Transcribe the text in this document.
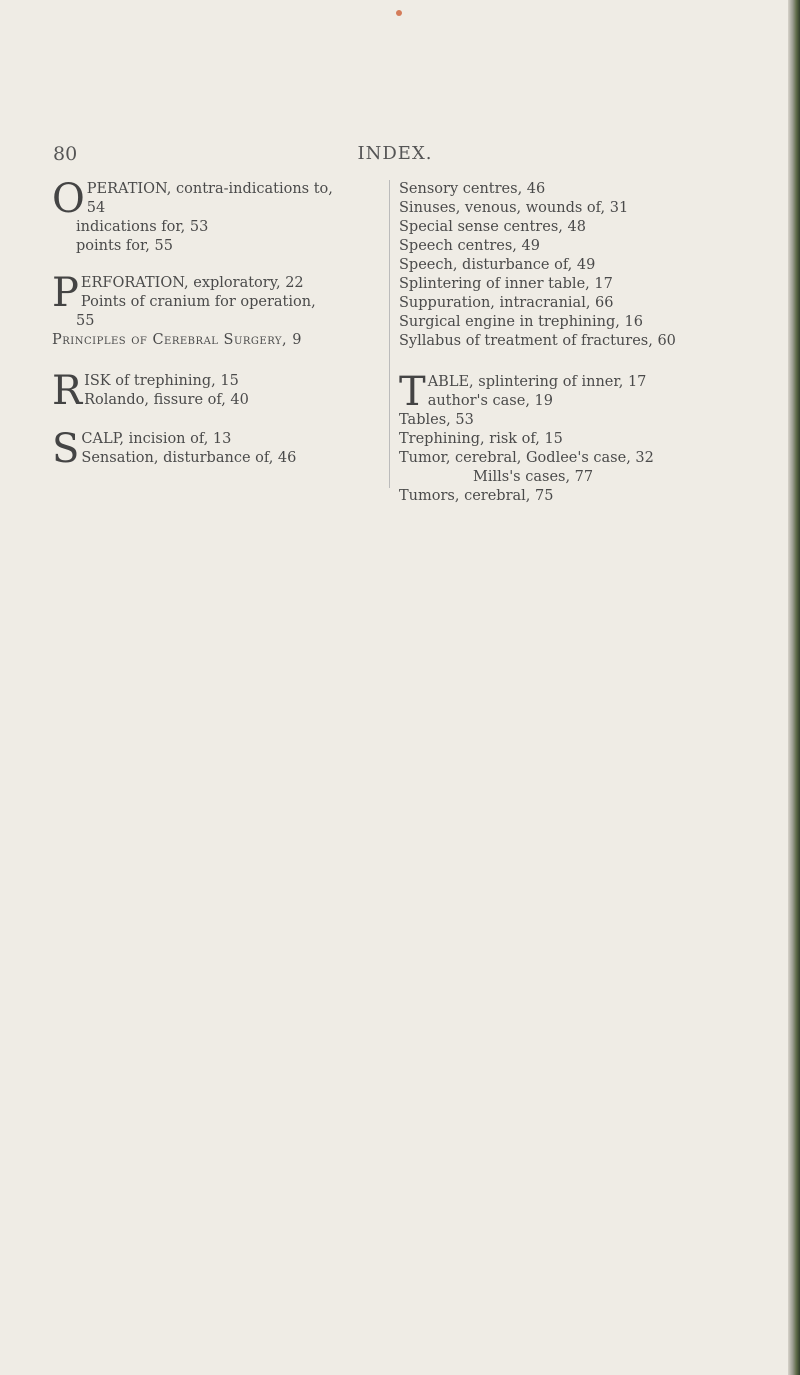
80	INDEX.
O PERATION, contra-indications to,
54
indications for, 53
points for, 55
P ERFORATION, exploratory, 22
Points of cranium for operation,
55
Principles of Cerebral Surgery, 9
R ISK of trephining, 15
Rolando, fissure of, 40
S CALP, incision of, 13
Sensation, disturbance of, 46
Sensory centres, 46
Sinuses, venous, wounds of, 31
Special sense centres, 48
Speech centres, 49
Speech, disturbance of, 49
Splintering of inner table, 17
Suppuration, intracranial, 66
Surgical engine in trephining, 16
Syllabus of treatment of fractures, 60
T ABLE, splintering of inner, 17
author's case, 19
Tables, 53
Trephining, risk of, 15
Tumor, cerebral, Godlee's case, 32
Mills's cases, 77
Tumors, cerebral, 75
